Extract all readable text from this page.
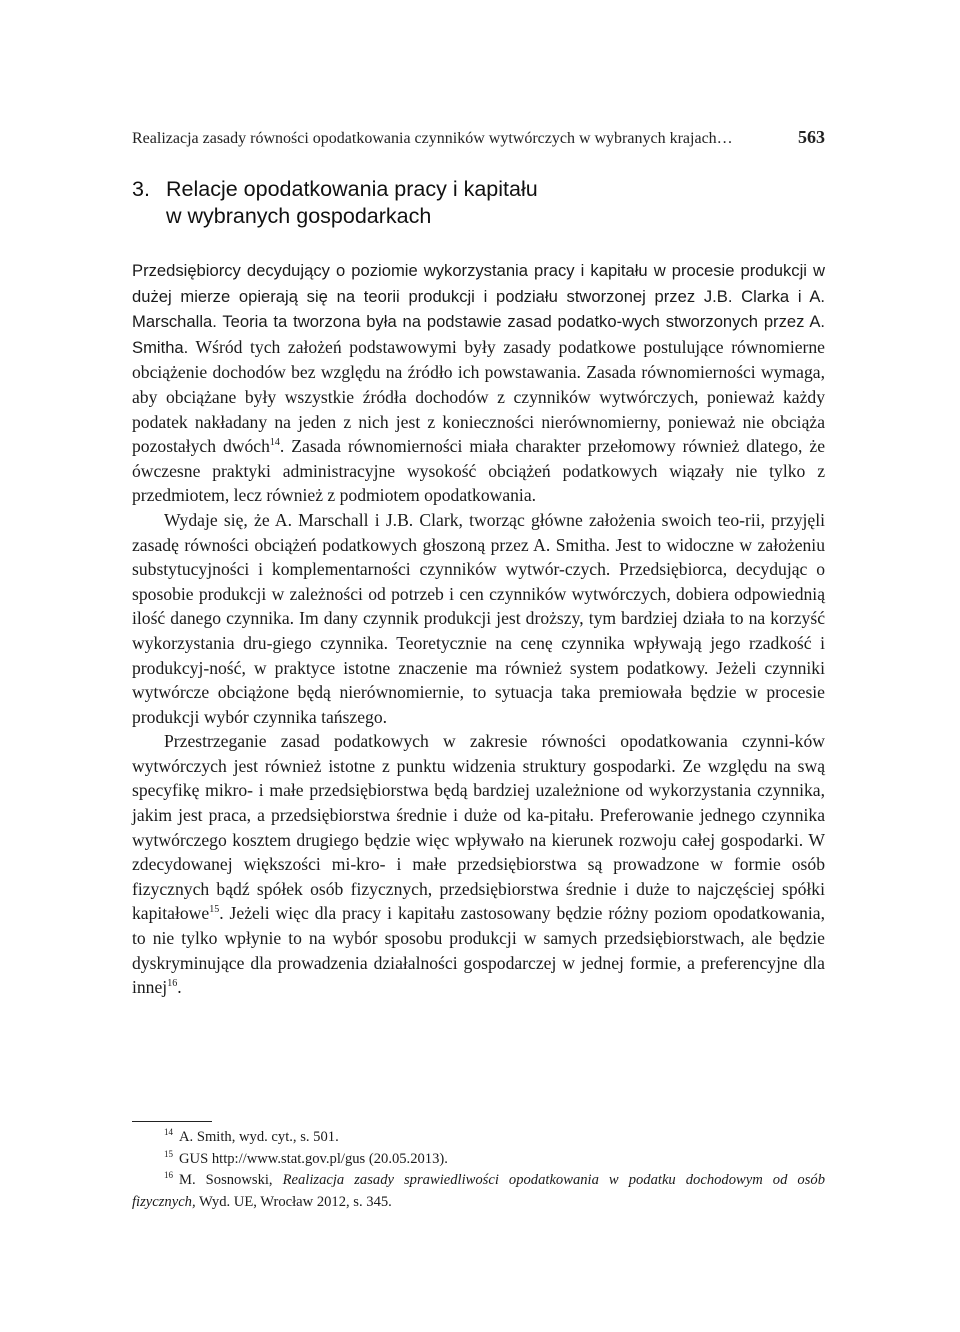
Realizacja zasady równości opodatkowania czynników wytwórczych w wybranych krajach…	563
3. Relacje opodatkowania pracy i kapitału
w wybranych gospodarkach

Przedsiębiorcy decydujący o poziomie wykorzystania pracy i kapitału w procesie produkcji w dużej mierze opierają się na teorii produkcji i podziału stworzonej przez J.B. Clarka i A. Marschalla. Teoria ta tworzona była na podstawie zasad podatko-wych stworzonych przez A. Smitha. Wśród tych założeń podstawowymi były zasady podatkowe postulujące równomierne obciążenie dochodów bez względu na źródło ich powstawania. Zasada równomierności wymaga, aby obciążane były wszystkie źródła dochodów z czynników wytwórczych, ponieważ każdy podatek nakładany na jeden z nich jest z konieczności nierównomierny, ponieważ nie obciąża pozostałych dwóch$^{14}$. Zasada równomierności miała charakter przełomowy również dlatego, że ówczesne praktyki administracyjne wysokość obciążeń podatkowych wiązały nie tylko z przedmiotem, lecz również z podmiotem opodatkowania.

Wydaje się, że A. Marschall i J.B. Clark, tworząc główne założenia swoich teo-rii, przyjęli zasadę równości obciążeń podatkowych głoszoną przez A. Smitha. Jest to widoczne w założeniu substytucyjności i komplementarności czynników wytwór-czych. Przedsiębiorca, decydując o sposobie produkcji w zależności od potrzeb i cen czynników wytwórczych, dobiera odpowiednią ilość danego czynnika. Im dany czynnik produkcji jest droższy, tym bardziej działa to na korzyść wykorzystania dru-giego czynnika. Teoretycznie na cenę czynnika wpływają jego rzadkość i produkcyj-ność, w praktyce istotne znaczenie ma również system podatkowy. Jeżeli czynniki wytwórcze obciążone będą nierównomiernie, to sytuacja taka premiowała będzie w procesie produkcji wybór czynnika tańszego.

Przestrzeganie zasad podatkowych w zakresie równości opodatkowania czynni-ków wytwórczych jest również istotne z punktu widzenia struktury gospodarki. Ze względu na swą specyfikę mikro- i małe przedsiębiorstwa będą bardziej uzależnione od wykorzystania czynnika, jakim jest praca, a przedsiębiorstwa średnie i duże od ka-pitału. Preferowanie jednego czynnika wytwórczego kosztem drugiego będzie więc wpływało na kierunek rozwoju całej gospodarki. W zdecydowanej większości mi-kro- i małe przedsiębiorstwa są prowadzone w formie osób fizycznych bądź spółek osób fizycznych, przedsiębiorstwa średnie i duże to najczęściej spółki kapitałowe$^{15}$. Jeżeli więc dla pracy i kapitału zastosowany będzie różny poziom opodatkowania, to nie tylko wpłynie to na wybór sposobu produkcji w samych przedsiębiorstwach, ale będzie dyskryminujące dla prowadzenia działalności gospodarczej w jednej formie, a preferencyjne dla innej$^{16}$.

$^{14}$ A. Smith, wyd. cyt., s. 501.

$^{15}$ GUS http://www.stat.gov.pl/gus (20.05.2013).

$^{16}$ M. Sosnowski, Realizacja zasady sprawiedliwości opodatkowania w podatku dochodowym od osób fizycznych, Wyd. UE, Wrocław 2012, s. 345.
